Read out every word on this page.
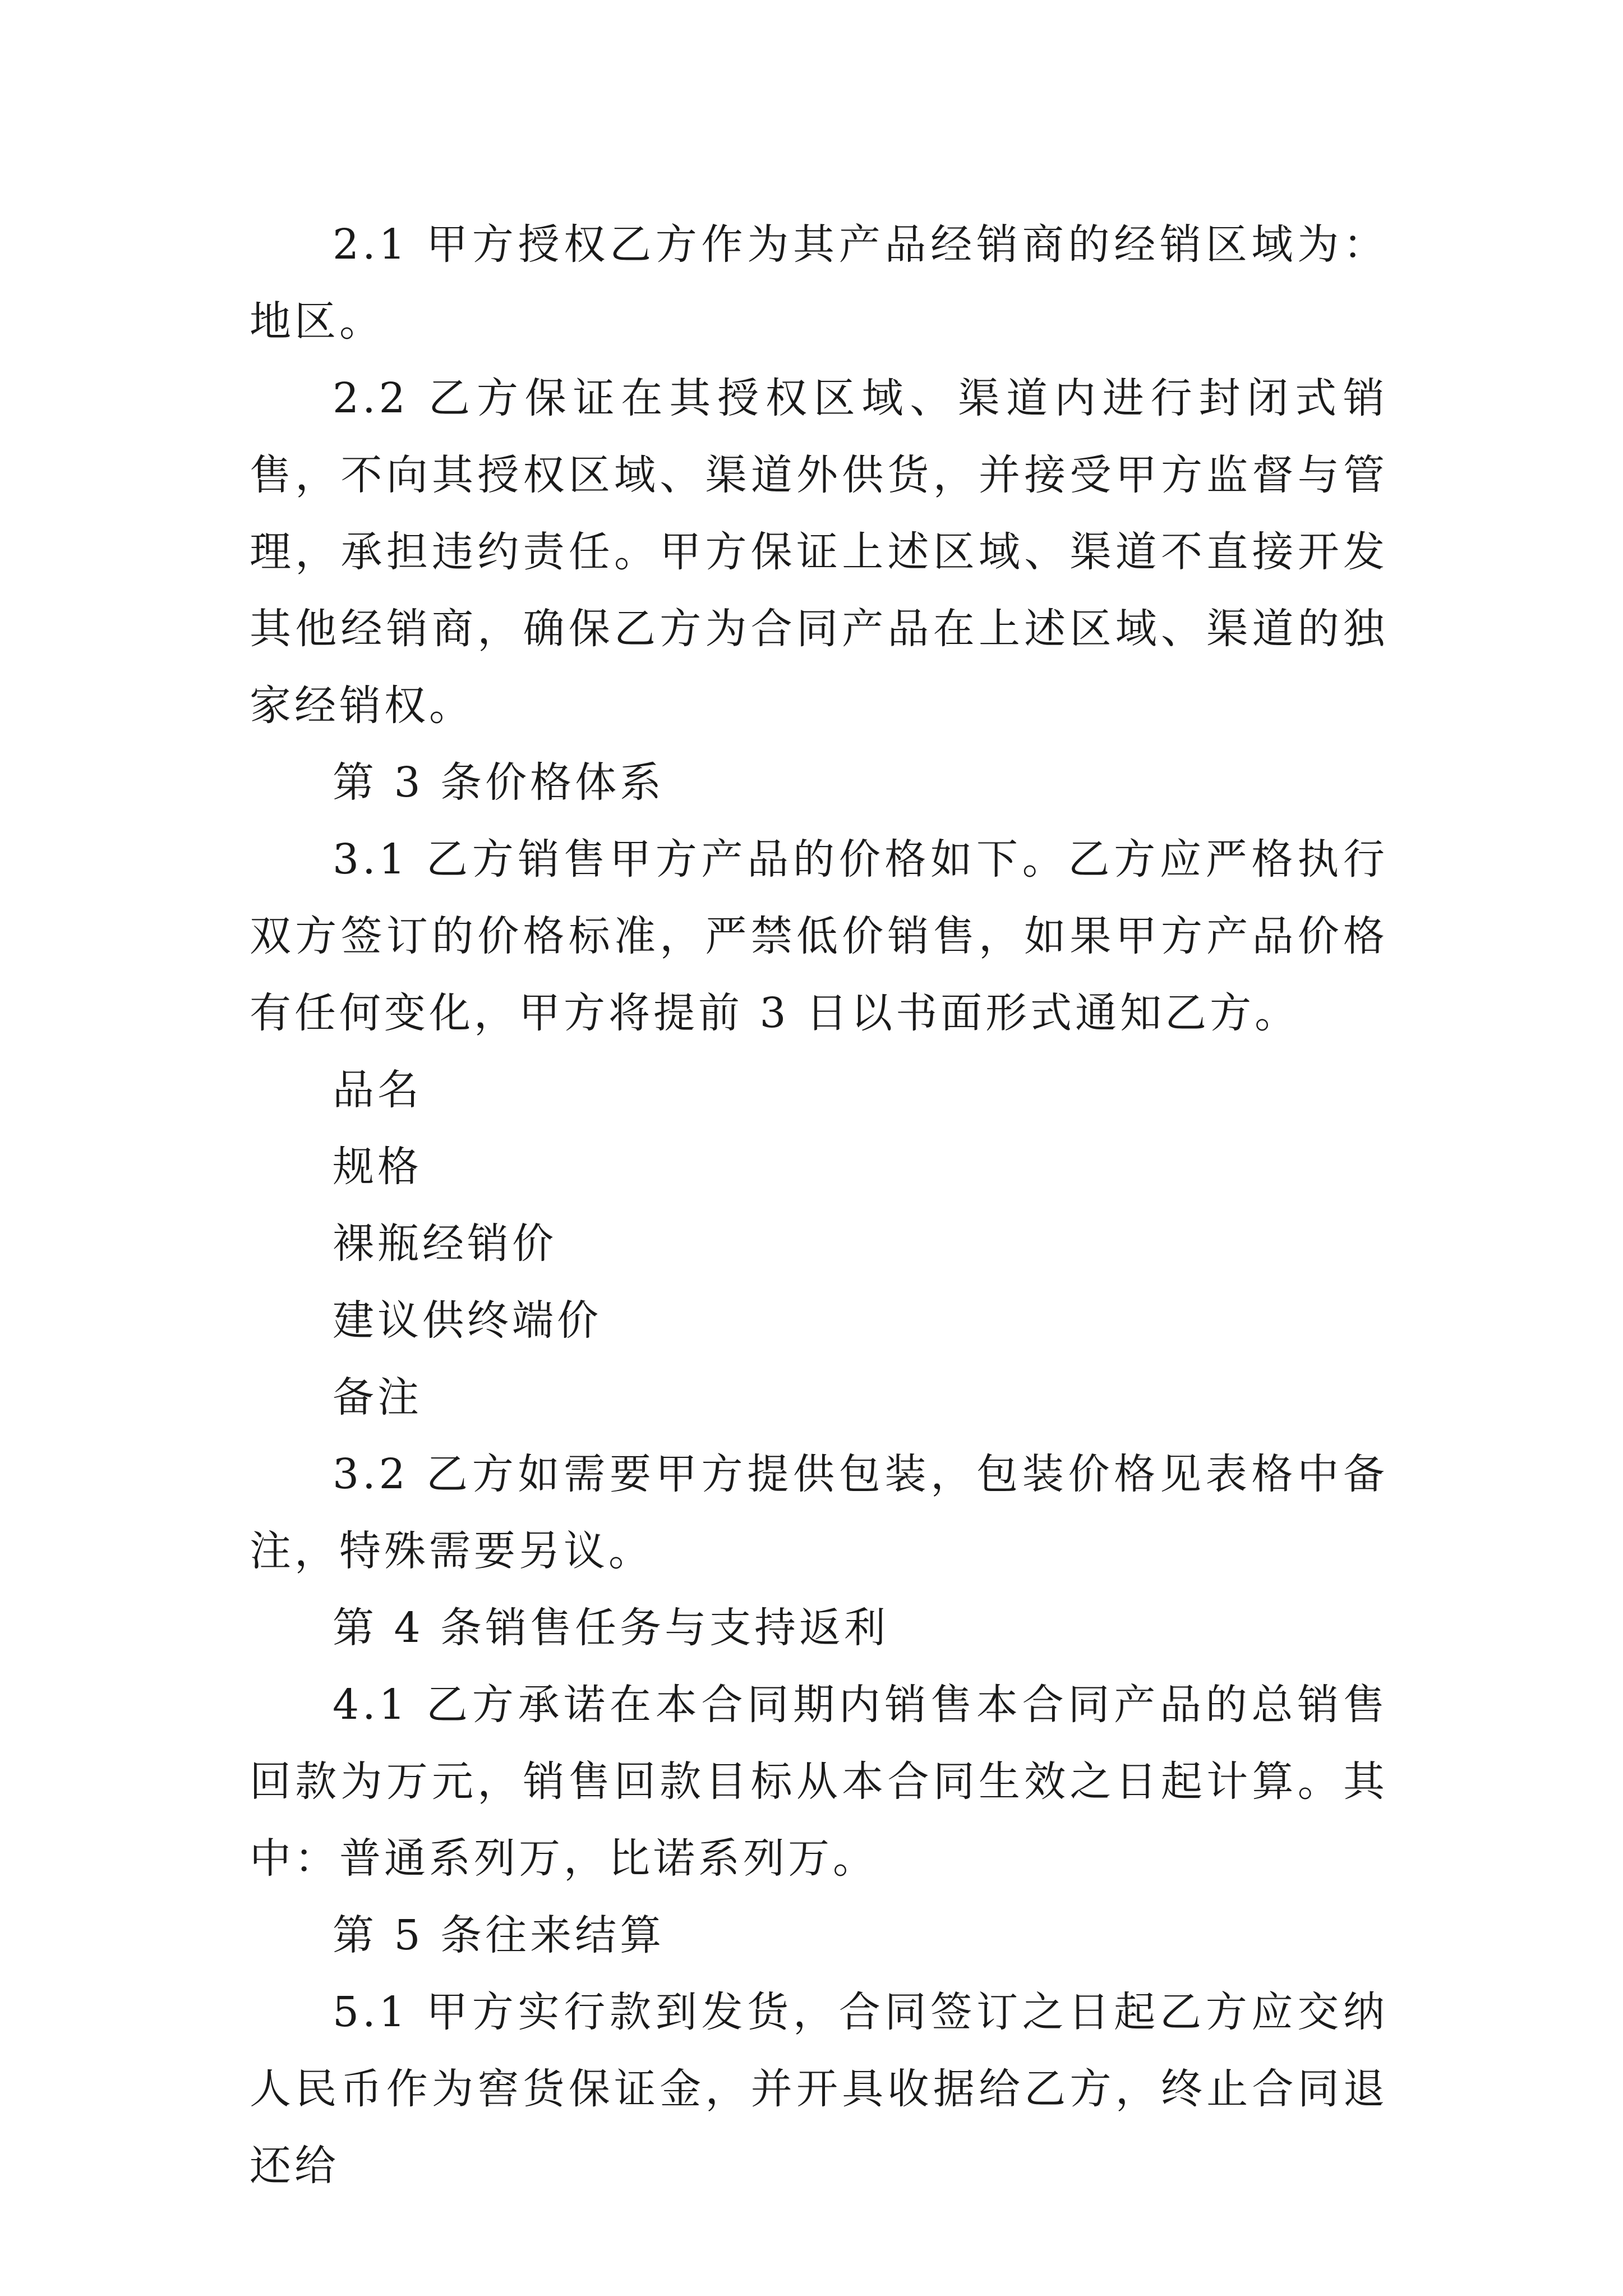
2.1 甲方授权乙方作为其产品经销商的经销区域为：地区。

2.2 乙方保证在其授权区域、渠道内进行封闭式销售，不向其授权区域、渠道外供货，并接受甲方监督与管理，承担违约责任。甲方保证上述区域、渠道不直接开发其他经销商，确保乙方为合同产品在上述区域、渠道的独家经销权。

第 3 条价格体系

3.1 乙方销售甲方产品的价格如下。乙方应严格执行双方签订的价格标准，严禁低价销售，如果甲方产品价格有任何变化，甲方将提前 3 日以书面形式通知乙方。

品名

规格

裸瓶经销价

建议供终端价

备注

3.2 乙方如需要甲方提供包装，包装价格见表格中备注，特殊需要另议。

第 4 条销售任务与支持返利

4.1 乙方承诺在本合同期内销售本合同产品的总销售回款为万元，销售回款目标从本合同生效之日起计算。其中：普通系列万，比诺系列万。

第 5 条往来结算

5.1 甲方实行款到发货，合同签订之日起乙方应交纳人民币作为窖货保证金，并开具收据给乙方，终止合同退还给
